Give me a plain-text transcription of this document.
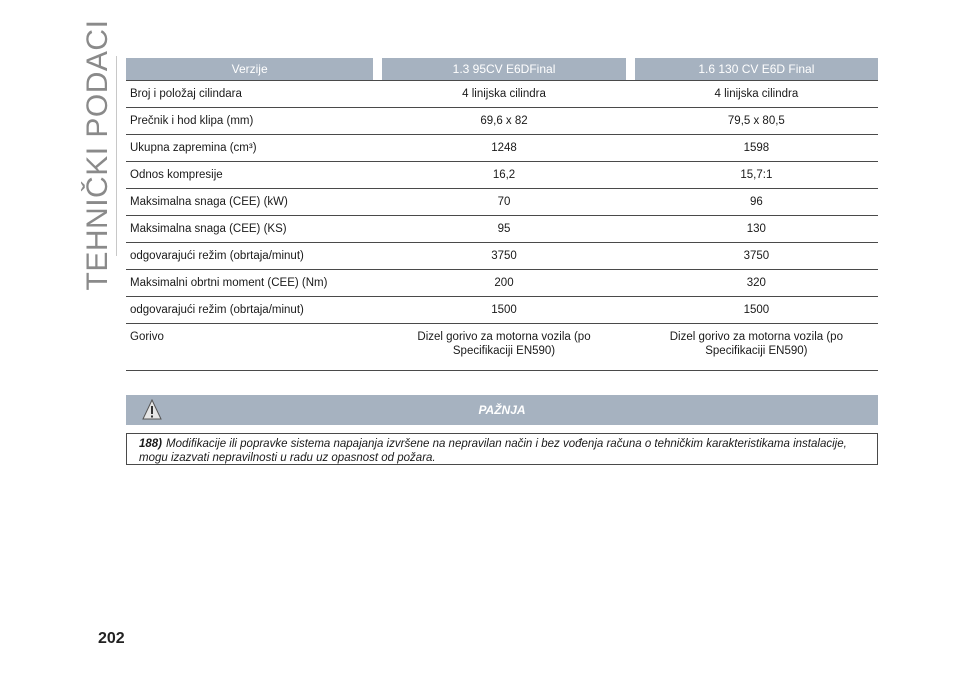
TEHNIČKI PODACI	Verzije		1.3 95CV E6DFinal		1.6 130 CV E6D Final
Broj i položaj cilindara		4 linijska cilindra		4 linijska cilindra
Prečnik i hod klipa (mm)		69,6 x 82		79,5 x 80,5
Ukupna zapremina (cm³)		1248		1598
Odnos kompresije		16,2		15,7:1
Maksimalna snaga (CEE) (kW)		70		96
Maksimalna snaga (CEE) (KS)		95		130
odgovarajući režim (obrtaja/minut)		3750		3750
Maksimalni obrtni moment (CEE) (Nm)		200		320
odgovarajući režim (obrtaja/minut)		1500		1500
Gorivo		Dizel gorivo za motorna vozila (po Specifikaciji EN590)		Dizel gorivo za motorna vozila (po Specifikaciji EN590)
PAŽNJA
188) Modifikacije ili popravke sistema napajanja izvršene na nepravilan način i bez vođenja računa o tehničkim karakteristikama instalacije, mogu izazvati nepravilnosti u radu uz opasnost od požara.
202
